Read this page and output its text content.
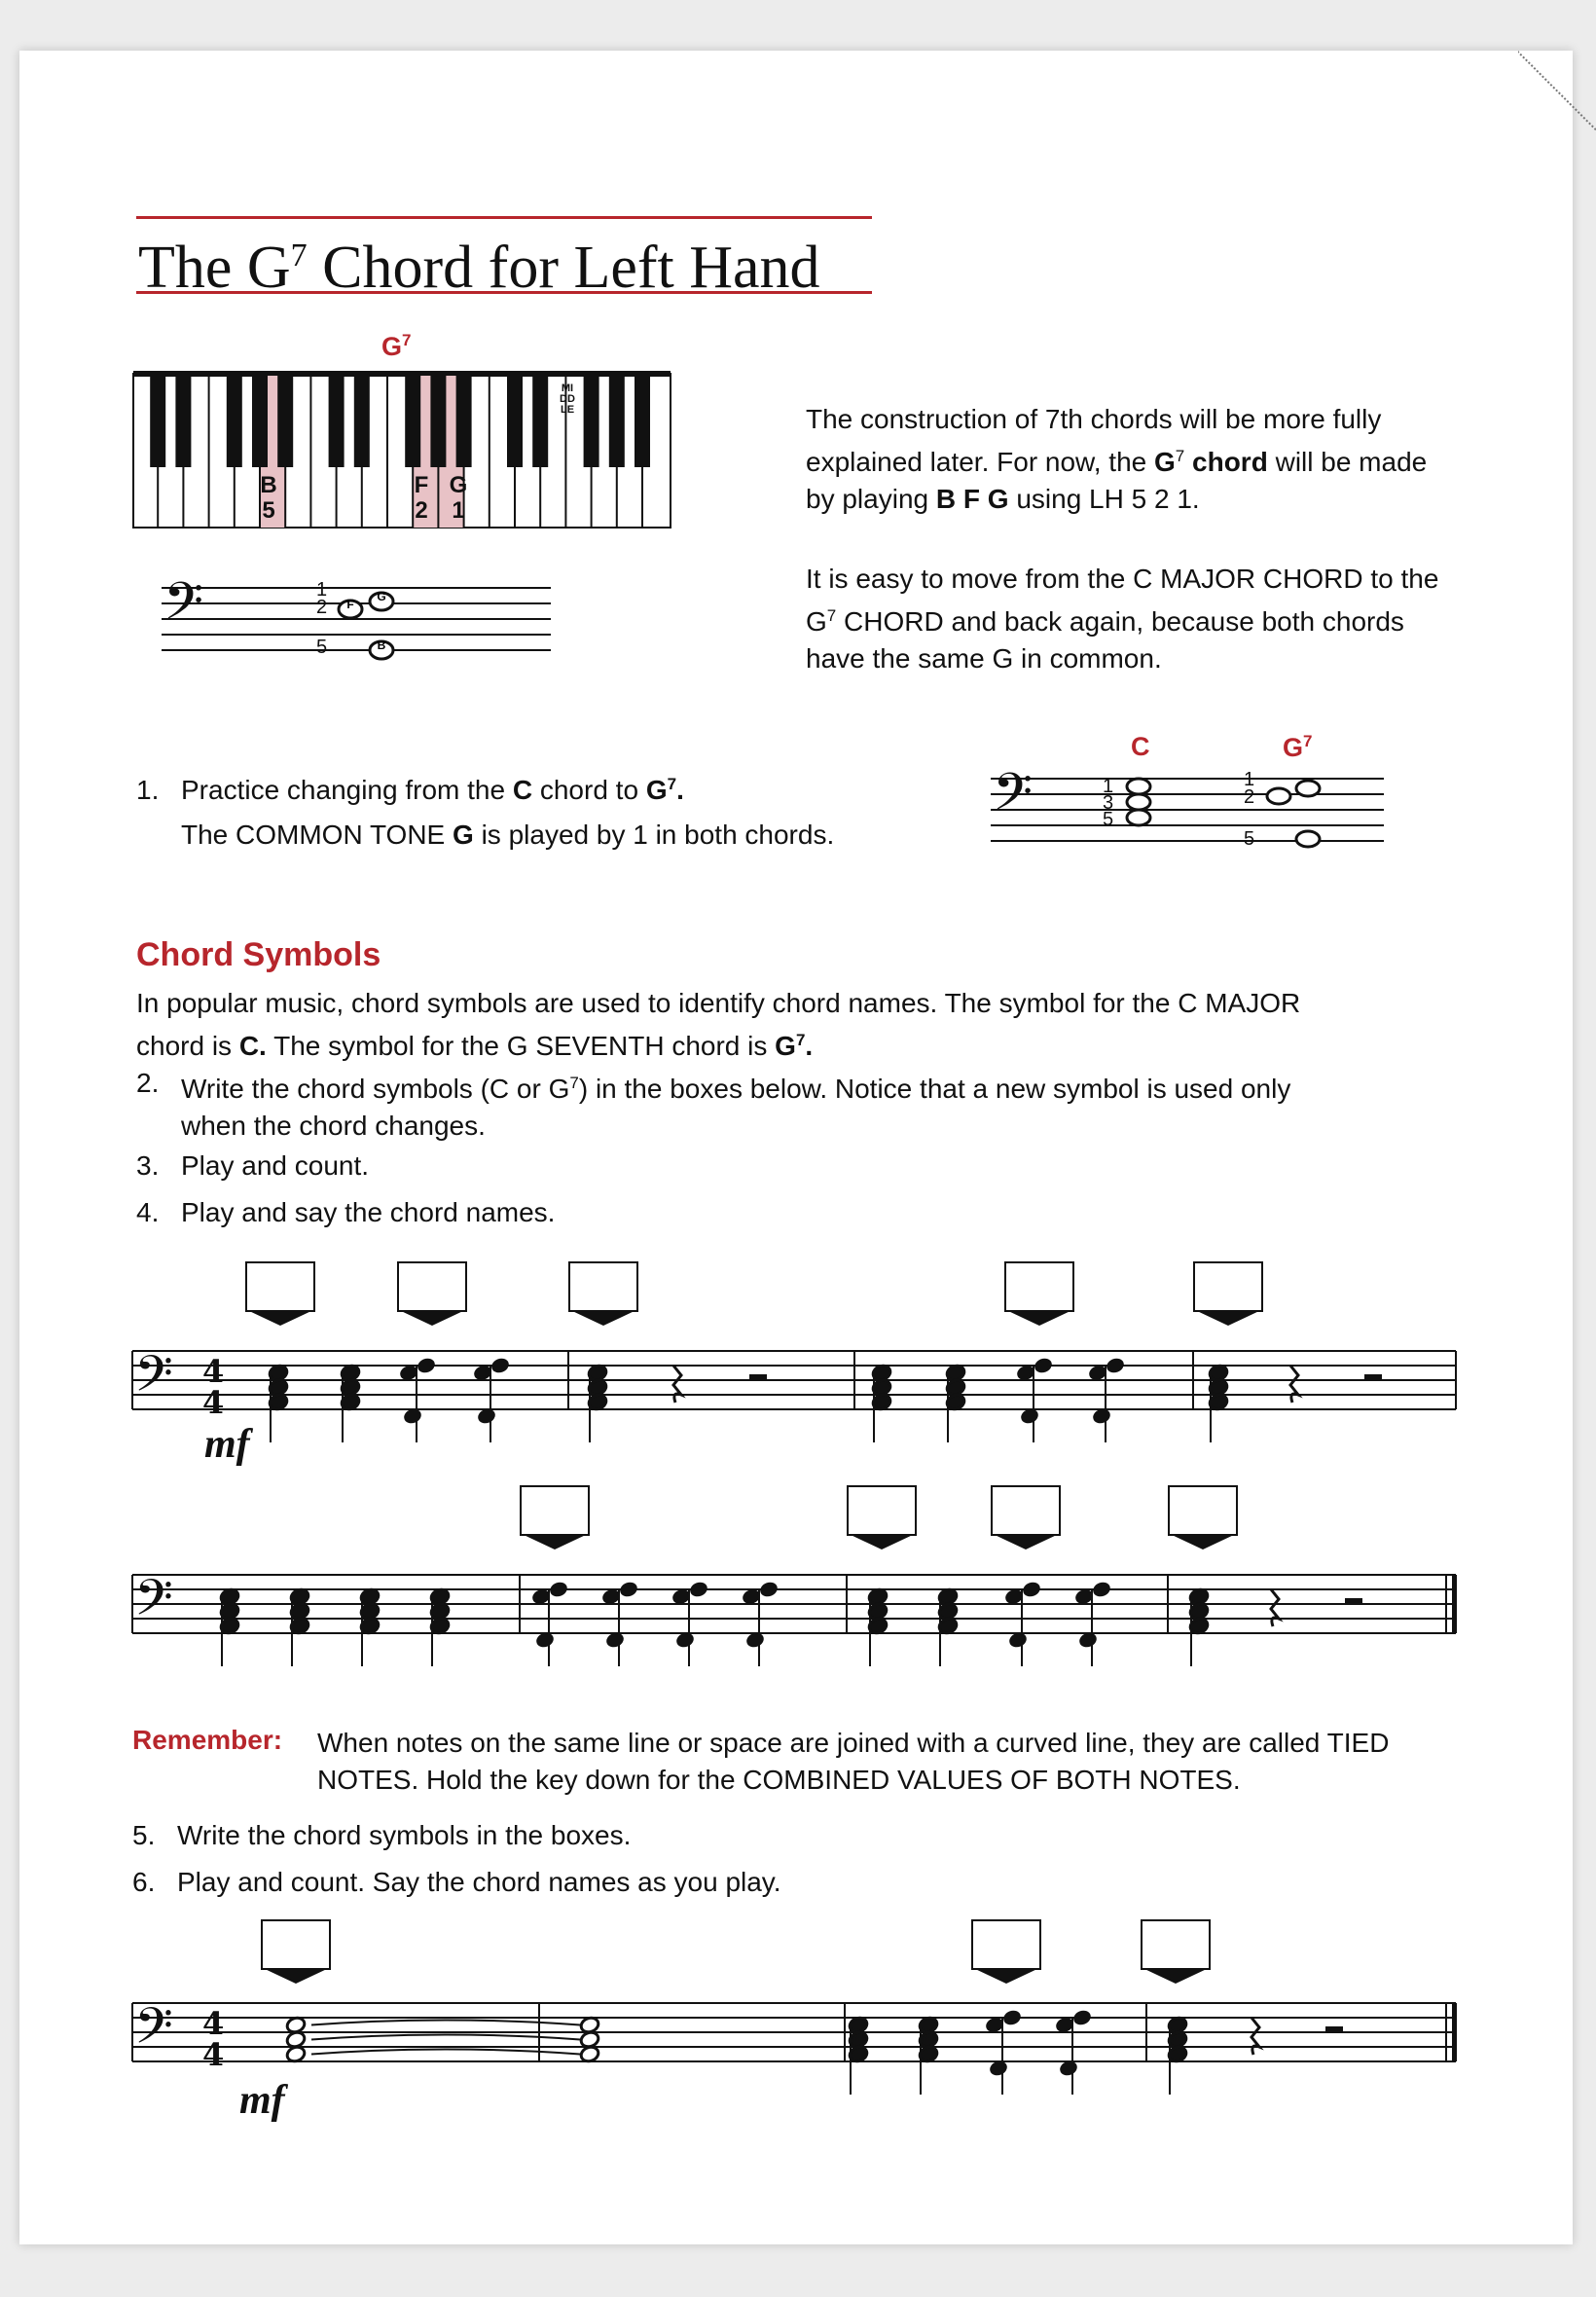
The $G^7$ Chord for Left Hand
$G^7$
MIDDLE
B
5
F
2
G
1
𝄢	1
2
5
F
G
B
The construction of 7th chords will be more fully explained later. For now, the $G^7$ chord will be made by playing B F G using LH 5 2 1.
It is easy to move from the C MAJOR CHORD to the $G^7$ CHORD and back again, because both chords have the same G in common.
1. Practice changing from the C chord to $G^7$.
The COMMON TONE G is played by 1 in both chords.
C	$G^7$
𝄢	1
3
5
1
2
5
Chord Symbols
In popular music, chord symbols are used to identify chord names. The symbol for the C MAJOR chord is C. The symbol for the G SEVENTH chord is $G^7$.
2. Write the chord symbols (C or $G^7$) in the boxes below. Notice that a new symbol is used only when the chord changes.
3. Play and count.
4. Play and say the chord names.
𝄢 4
4
mf
𝄢
Remember: When notes on the same line or space are joined with a curved line, they are called TIED NOTES. Hold the key down for the COMBINED VALUES OF BOTH NOTES.
5. Write the chord symbols in the boxes.
6. Play and count. Say the chord names as you play.
𝄢 4
4
mf
